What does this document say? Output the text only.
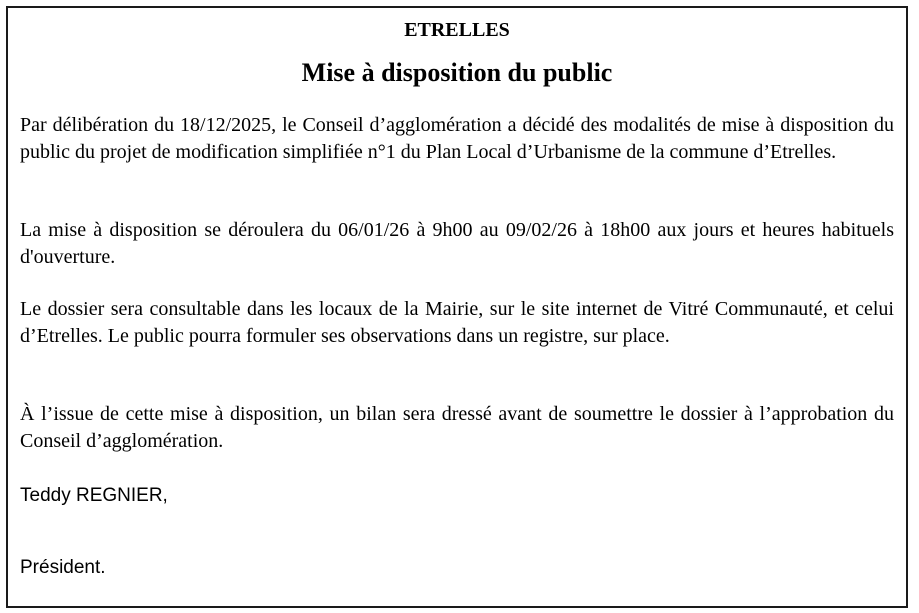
ETRELLES
Mise à disposition du public

Par délibération du 18/12/2025, le Conseil d’agglomération a décidé des modalités de mise à disposition du public du projet de modification simplifiée n°1 du Plan Local d’Urbanisme de la commune d’Etrelles.

La mise à disposition se déroulera du 06/01/26 à 9h00 au 09/02/26 à 18h00 aux jours et heures habituels d'ouverture.

Le dossier sera consultable dans les locaux de la Mairie, sur le site internet de Vitré Communauté, et celui d’Etrelles. Le public pourra formuler ses observations dans un registre, sur place.

À l’issue de cette mise à disposition, un bilan sera dressé avant de soumettre le dossier à l’approbation du Conseil d’agglomération.

Teddy REGNIER,
Président.
